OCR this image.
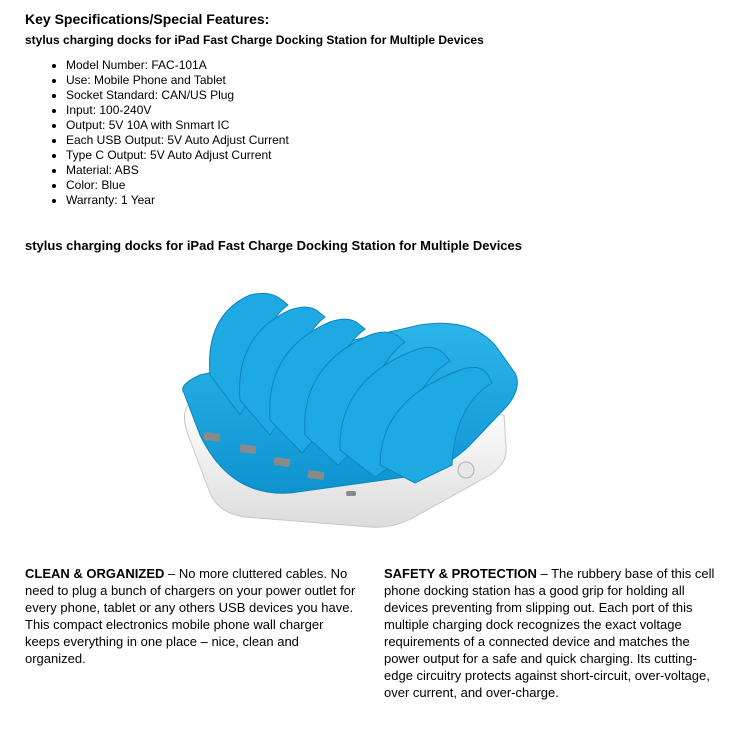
Key Specifications/Special Features:

stylus charging docks for iPad Fast Charge Docking Station for Multiple Devices

• Model Number: FAC-101A
• Use: Mobile Phone and Tablet
• Socket Standard: CAN/US Plug
• Input: 100-240V
• Output: 5V 10A with Snmart IC
• Each USB Output: 5V Auto Adjust Current
• Type C Output: 5V Auto Adjust Current
• Material: ABS
• Color: Blue
• Warranty: 1 Year

stylus charging docks for iPad Fast Charge Docking Station for Multiple Devices

CLEAN & ORGANIZED – No more cluttered cables. No need to plug a bunch of chargers on your power outlet for every phone, tablet or any others USB devices you have. This compact electronics mobile phone wall charger keeps everything in one place – nice, clean and organized.

SAFETY & PROTECTION – The rubbery base of this cell phone docking station has a good grip for holding all devices preventing from slipping out. Each port of this multiple charging dock recognizes the exact voltage requirements of a connected device and matches the power output for a safe and quick charging. Its cutting-edge circuitry protects against short-circuit, over-voltage, over current, and over-charge.
